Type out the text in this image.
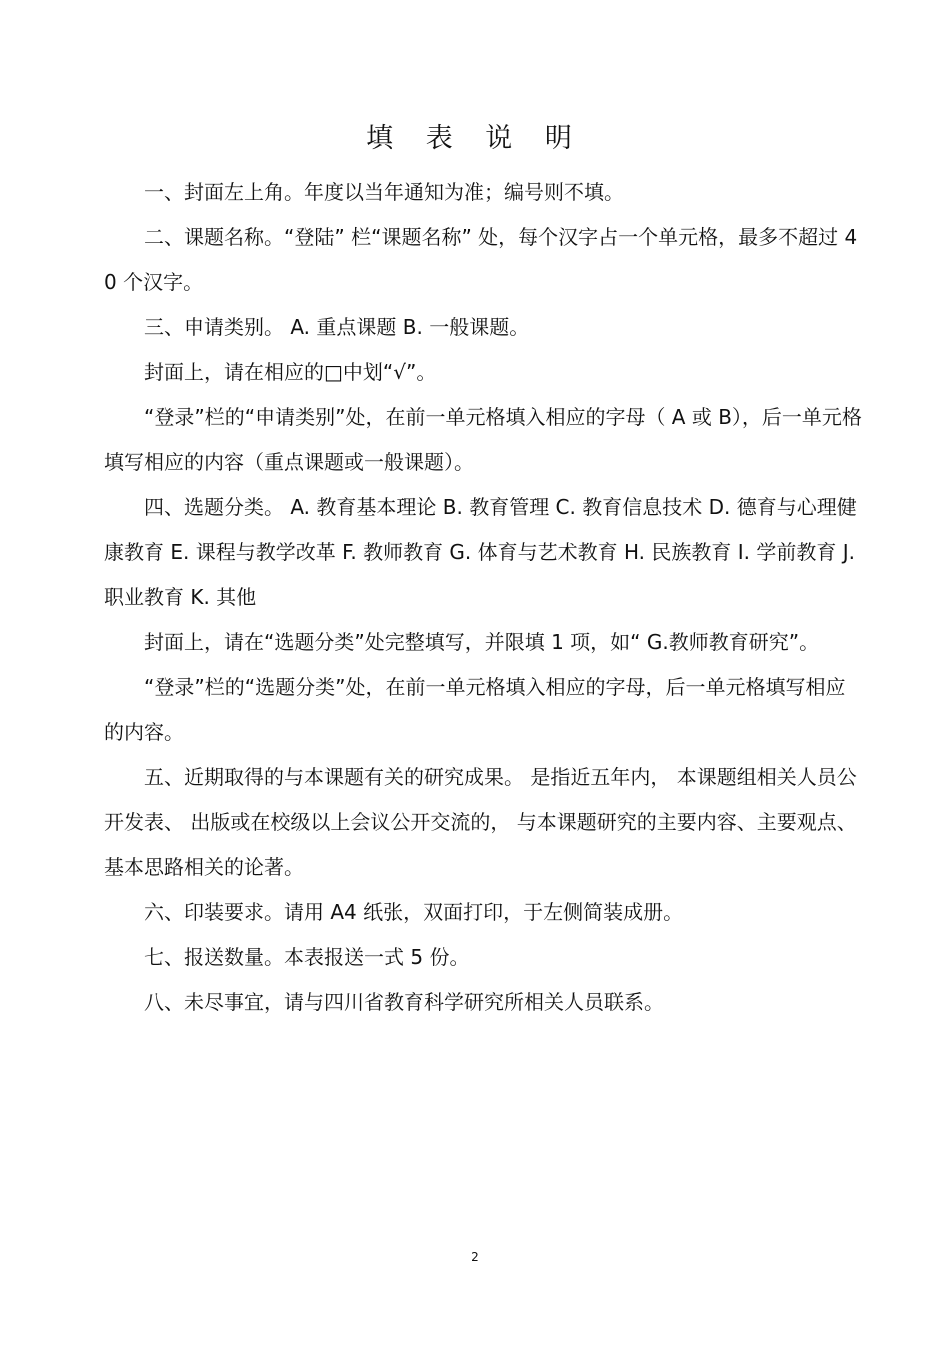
填 表 说 明

一、封面左上角。年度以当年通知为准；编号则不填。

二、课题名称。“登陆” 栏“课题名称” 处，每个汉字占一个单元格，最多不超过 40 个汉字。

三、申请类别。 A. 重点课题 B. 一般课题。

封面上，请在相应的□中划“√”。

“登录”栏的“申请类别”处，在前一单元格填入相应的字母（ A 或 B），后一单元格填写相应的内容（重点课题或一般课题）。

四、选题分类。 A. 教育基本理论 B. 教育管理 C. 教育信息技术 D. 德育与心理健康教育 E. 课程与教学改革 F. 教师教育 G. 体育与艺术教育 H. 民族教育 I. 学前教育 J. 职业教育 K. 其他

封面上，请在“选题分类”处完整填写，并限填 1 项，如“ G.教师教育研究”。

“登录”栏的“选题分类”处，在前一单元格填入相应的字母，后一单元格填写相应的内容。

五、近期取得的与本课题有关的研究成果。 是指近五年内， 本课题组相关人员公开发表、 出版或在校级以上会议公开交流的， 与本课题研究的主要内容、主要观点、基本思路相关的论著。

六、印装要求。请用 A4 纸张，双面打印，于左侧简装成册。

七、报送数量。本表报送一式 5 份。

八、未尽事宜，请与四川省教育科学研究所相关人员联系。

2
